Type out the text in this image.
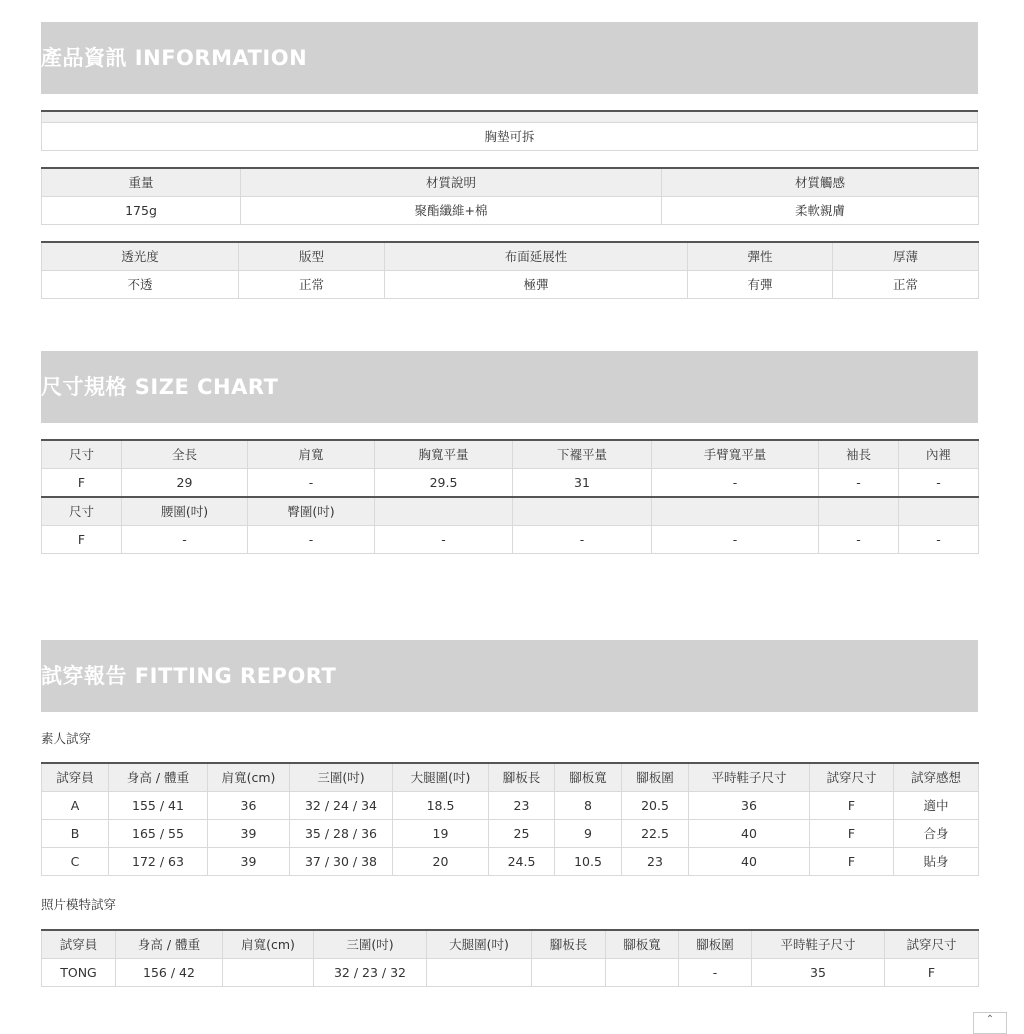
產品資訊 INFORMATION

胸墊可拆
重量	材質說明	材質觸感
175g	聚酯纖維+棉	柔軟親膚
透光度	版型	布面延展性	彈性	厚薄
不透	正常	極彈	有彈	正常
尺寸規格 SIZE CHART
尺寸	全長	肩寬	胸寬平量	下襬平量	手臂寬平量	袖長	內裡
F	29	-	29.5	31	-	-	-
尺寸	腰圍(吋)	臀圍(吋)					
F	-	-	-	-	-	-	-
試穿報告 FITTING REPORT
素人試穿
試穿員	身高 / 體重	肩寬(cm)	三圍(吋)	大腿圍(吋)	腳板長	腳板寬	腳板圍	平時鞋子尺寸	試穿尺寸	試穿感想
A	155 / 41	36	32 / 24 / 34	18.5	23	8	20.5	36	F	適中
B	165 / 55	39	35 / 28 / 36	19	25	9	22.5	40	F	合身
C	172 / 63	39	37 / 30 / 38	20	24.5	10.5	23	40	F	貼身
照片模特試穿
試穿員	身高 / 體重	肩寬(cm)	三圍(吋)	大腿圍(吋)	腳板長	腳板寬	腳板圍	平時鞋子尺寸	試穿尺寸
TONG	156 / 42		32 / 23 / 32				-	35	F
⌃
